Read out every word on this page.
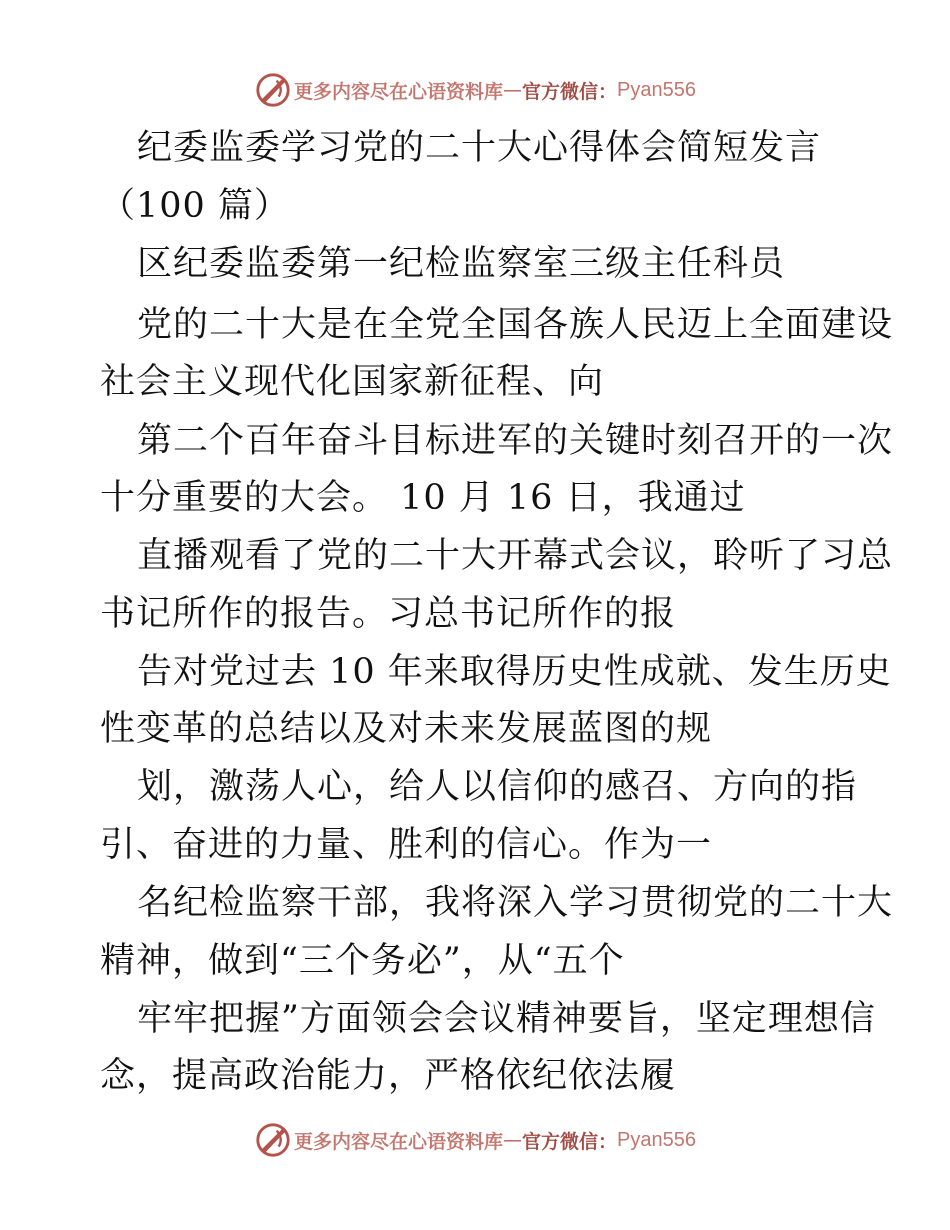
更多内容尽在心语资料库 — 官方微信： Pyan556
纪委监委学习党的二十大心得体会简短发言
（100 篇）
区纪委监委第一纪检监察室三级主任科员
党的二十大是在全党全国各族人民迈上全面建设
社会主义现代化国家新征程、向
第二个百年奋斗目标进军的关键时刻召开的一次
十分重要的大会。 10 月 16 日，我通过
直播观看了党的二十大开幕式会议，聆听了习总
书记所作的报告。习总书记所作的报
告对党过去 10 年来取得历史性成就、发生历史
性变革的总结以及对未来发展蓝图的规
划，激荡人心，给人以信仰的感召、方向的指
引、奋进的力量、胜利的信心。作为一
名纪检监察干部，我将深入学习贯彻党的二十大
精神，做到“三个务必”，从“五个
牢牢把握”方面领会会议精神要旨，坚定理想信
念，提高政治能力，严格依纪依法履
更多内容尽在心语资料库 — 官方微信： Pyan556
